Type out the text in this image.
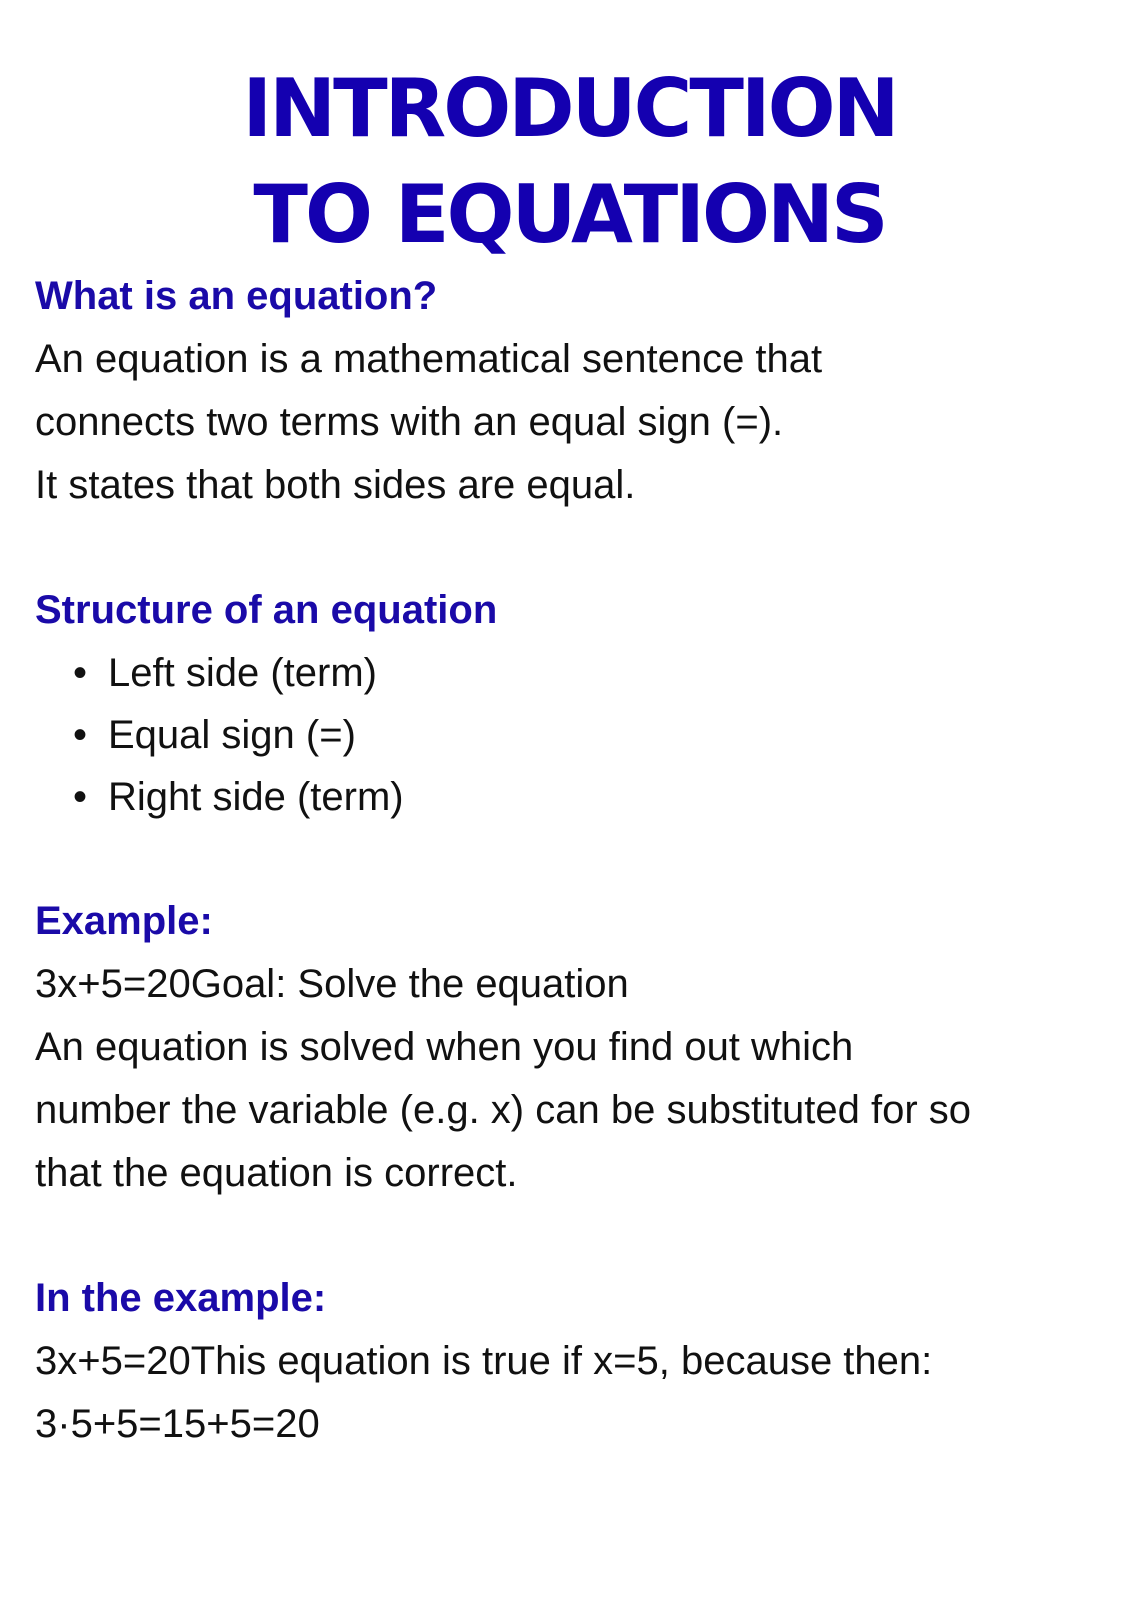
INTRODUCTION
TO EQUATIONS

What is an equation?

An equation is a mathematical sentence that

connects two terms with an equal sign (=).

It states that both sides are equal.

Structure of an equation

• Left side (term)
• Equal sign (=)
• Right side (term)

Example:

3x+5=20Goal: Solve the equation

An equation is solved when you find out which

number the variable (e.g. x) can be substituted for so

that the equation is correct.

In the example:

3x+5=20This equation is true if x=5, because then:

3·5+5=15+5=20
